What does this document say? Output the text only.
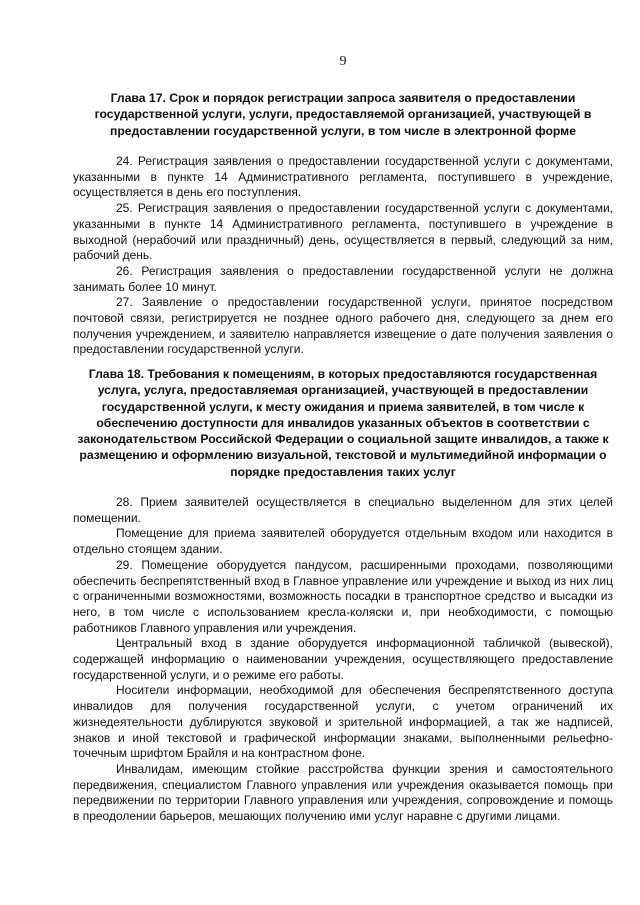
9
Глава 17. Срок и порядок регистрации запроса заявителя о предоставлении государственной услуги, услуги, предоставляемой организацией, участвующей в предоставлении государственной услуги, в том числе в электронной форме

24. Регистрация заявления о предоставлении государственной услуги с документами, указанными в пункте 14 Административного регламента, поступившего в учреждение, осуществляется в день его поступления.

25. Регистрация заявления о предоставлении государственной услуги с документами, указанными в пункте 14 Административного регламента, поступившего в учреждение в выходной (нерабочий или праздничный) день, осуществляется в первый, следующий за ним, рабочий день.

26. Регистрация заявления о предоставлении государственной услуги не должна занимать более 10 минут.

27. Заявление о предоставлении государственной услуги, принятое посредством почтовой связи, регистрируется не позднее одного рабочего дня, следующего за днем его получения учреждением, и заявителю направляется извещение о дате получения заявления о предоставлении государственной услуги.

Глава 18. Требования к помещениям, в которых предоставляются государственная услуга, услуга, предоставляемая организацией, участвующей в предоставлении государственной услуги, к месту ожидания и приема заявителей, в том числе к обеспечению доступности для инвалидов указанных объектов в соответствии с законодательством Российской Федерации о социальной защите инвалидов, а также к размещению и оформлению визуальной, текстовой и мультимедийной информации о порядке предоставления таких услуг

28. Прием заявителей осуществляется в специально выделенном для этих целей помещении.

Помещение для приема заявителей оборудуется отдельным входом или находится в отдельно стоящем здании.

29. Помещение оборудуется пандусом, расширенными проходами, позволяющими обеспечить беспрепятственный вход в Главное управление или учреждение и выход из них лиц с ограниченными возможностями, возможность посадки в транспортное средство и высадки из него, в том числе с использованием кресла-коляски и, при необходимости, с помощью работников Главного управления или учреждения.

Центральный вход в здание оборудуется информационной табличкой (вывеской), содержащей информацию о наименовании учреждения, осуществляющего предоставление государственной услуги, и о режиме его работы.

Носители информации, необходимой для обеспечения беспрепятственного доступа инвалидов для получения государственной услуги, с учетом ограничений их жизнедеятельности дублируются звуковой и зрительной информацией, а так же надписей, знаков и иной текстовой и графической информации знаками, выполненными рельефно-точечным шрифтом Брайля и на контрастном фоне.

Инвалидам, имеющим стойкие расстройства функции зрения и самостоятельного передвижения, специалистом Главного управления или учреждения оказывается помощь при передвижении по территории Главного управления или учреждения, сопровождение и помощь в преодолении барьеров, мешающих получению ими услуг наравне с другими лицами.
